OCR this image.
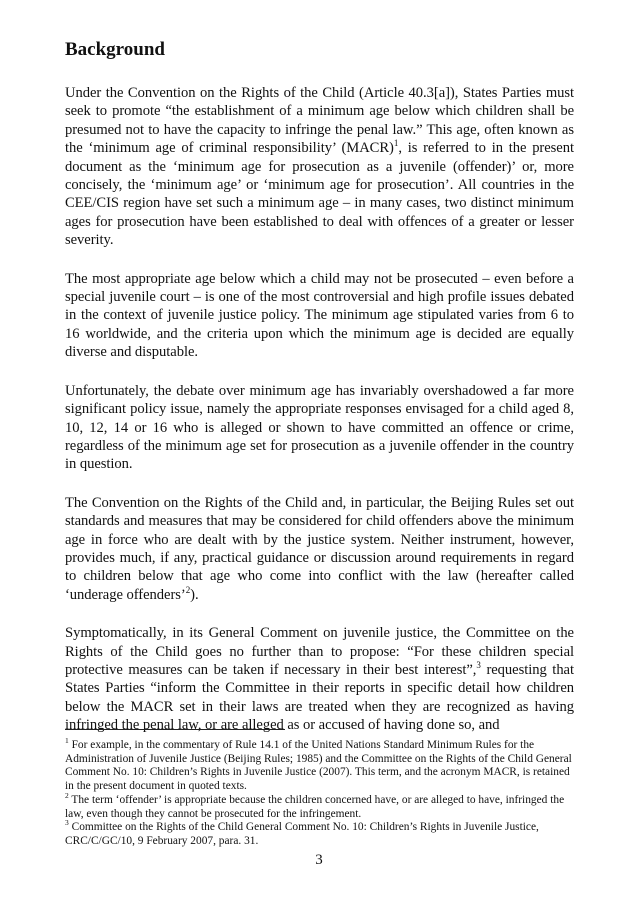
Background

Under the Convention on the Rights of the Child (Article 40.3[a]), States Parties must seek to promote “the establishment of a minimum age below which children shall be presumed not to have the capacity to infringe the penal law.” This age, often known as the ‘minimum age of criminal responsibility’ (MACR)$^1$, is referred to in the present document as the ‘minimum age for prosecution as a juvenile (offender)’ or, more concisely, the ‘minimum age’ or ‘minimum age for prosecution’. All countries in the CEE/CIS region have set such a minimum age – in many cases, two distinct minimum ages for prosecution have been established to deal with offences of a greater or lesser severity.

The most appropriate age below which a child may not be prosecuted – even before a special juvenile court – is one of the most controversial and high profile issues debated in the context of juvenile justice policy. The minimum age stipulated varies from 6 to 16 worldwide, and the criteria upon which the minimum age is decided are equally diverse and disputable.

Unfortunately, the debate over minimum age has invariably overshadowed a far more significant policy issue, namely the appropriate responses envisaged for a child aged 8, 10, 12, 14 or 16 who is alleged or shown to have committed an offence or crime, regardless of the minimum age set for prosecution as a juvenile offender in the country in question.

The Convention on the Rights of the Child and, in particular, the Beijing Rules set out standards and measures that may be considered for child offenders above the minimum age in force who are dealt with by the justice system. Neither instrument, however, provides much, if any, practical guidance or discussion around requirements in regard to children below that age who come into conflict with the law (hereafter called ‘underage offenders’$^2$).

Symptomatically, in its General Comment on juvenile justice, the Committee on the Rights of the Child goes no further than to propose: “For these children special protective measures can be taken if necessary in their best interest”,$^3$ requesting that States Parties “inform the Committee in their reports in specific detail how children below the MACR set in their laws are treated when they are recognized as having infringed the penal law, or are alleged as or accused of having done so, and

$^1$ For example, in the commentary of Rule 14.1 of the United Nations Standard Minimum Rules for the Administration of Juvenile Justice (Beijing Rules; 1985) and the Committee on the Rights of the Child General Comment No. 10: Children’s Rights in Juvenile Justice (2007). This term, and the acronym MACR, is retained in the present document in quoted texts.

$^2$ The term ‘offender’ is appropriate because the children concerned have, or are alleged to have, infringed the law, even though they cannot be prosecuted for the infringement.

$^3$ Committee on the Rights of the Child General Comment No. 10: Children’s Rights in Juvenile Justice, CRC/C/GC/10, 9 February 2007, para. 31.

3
